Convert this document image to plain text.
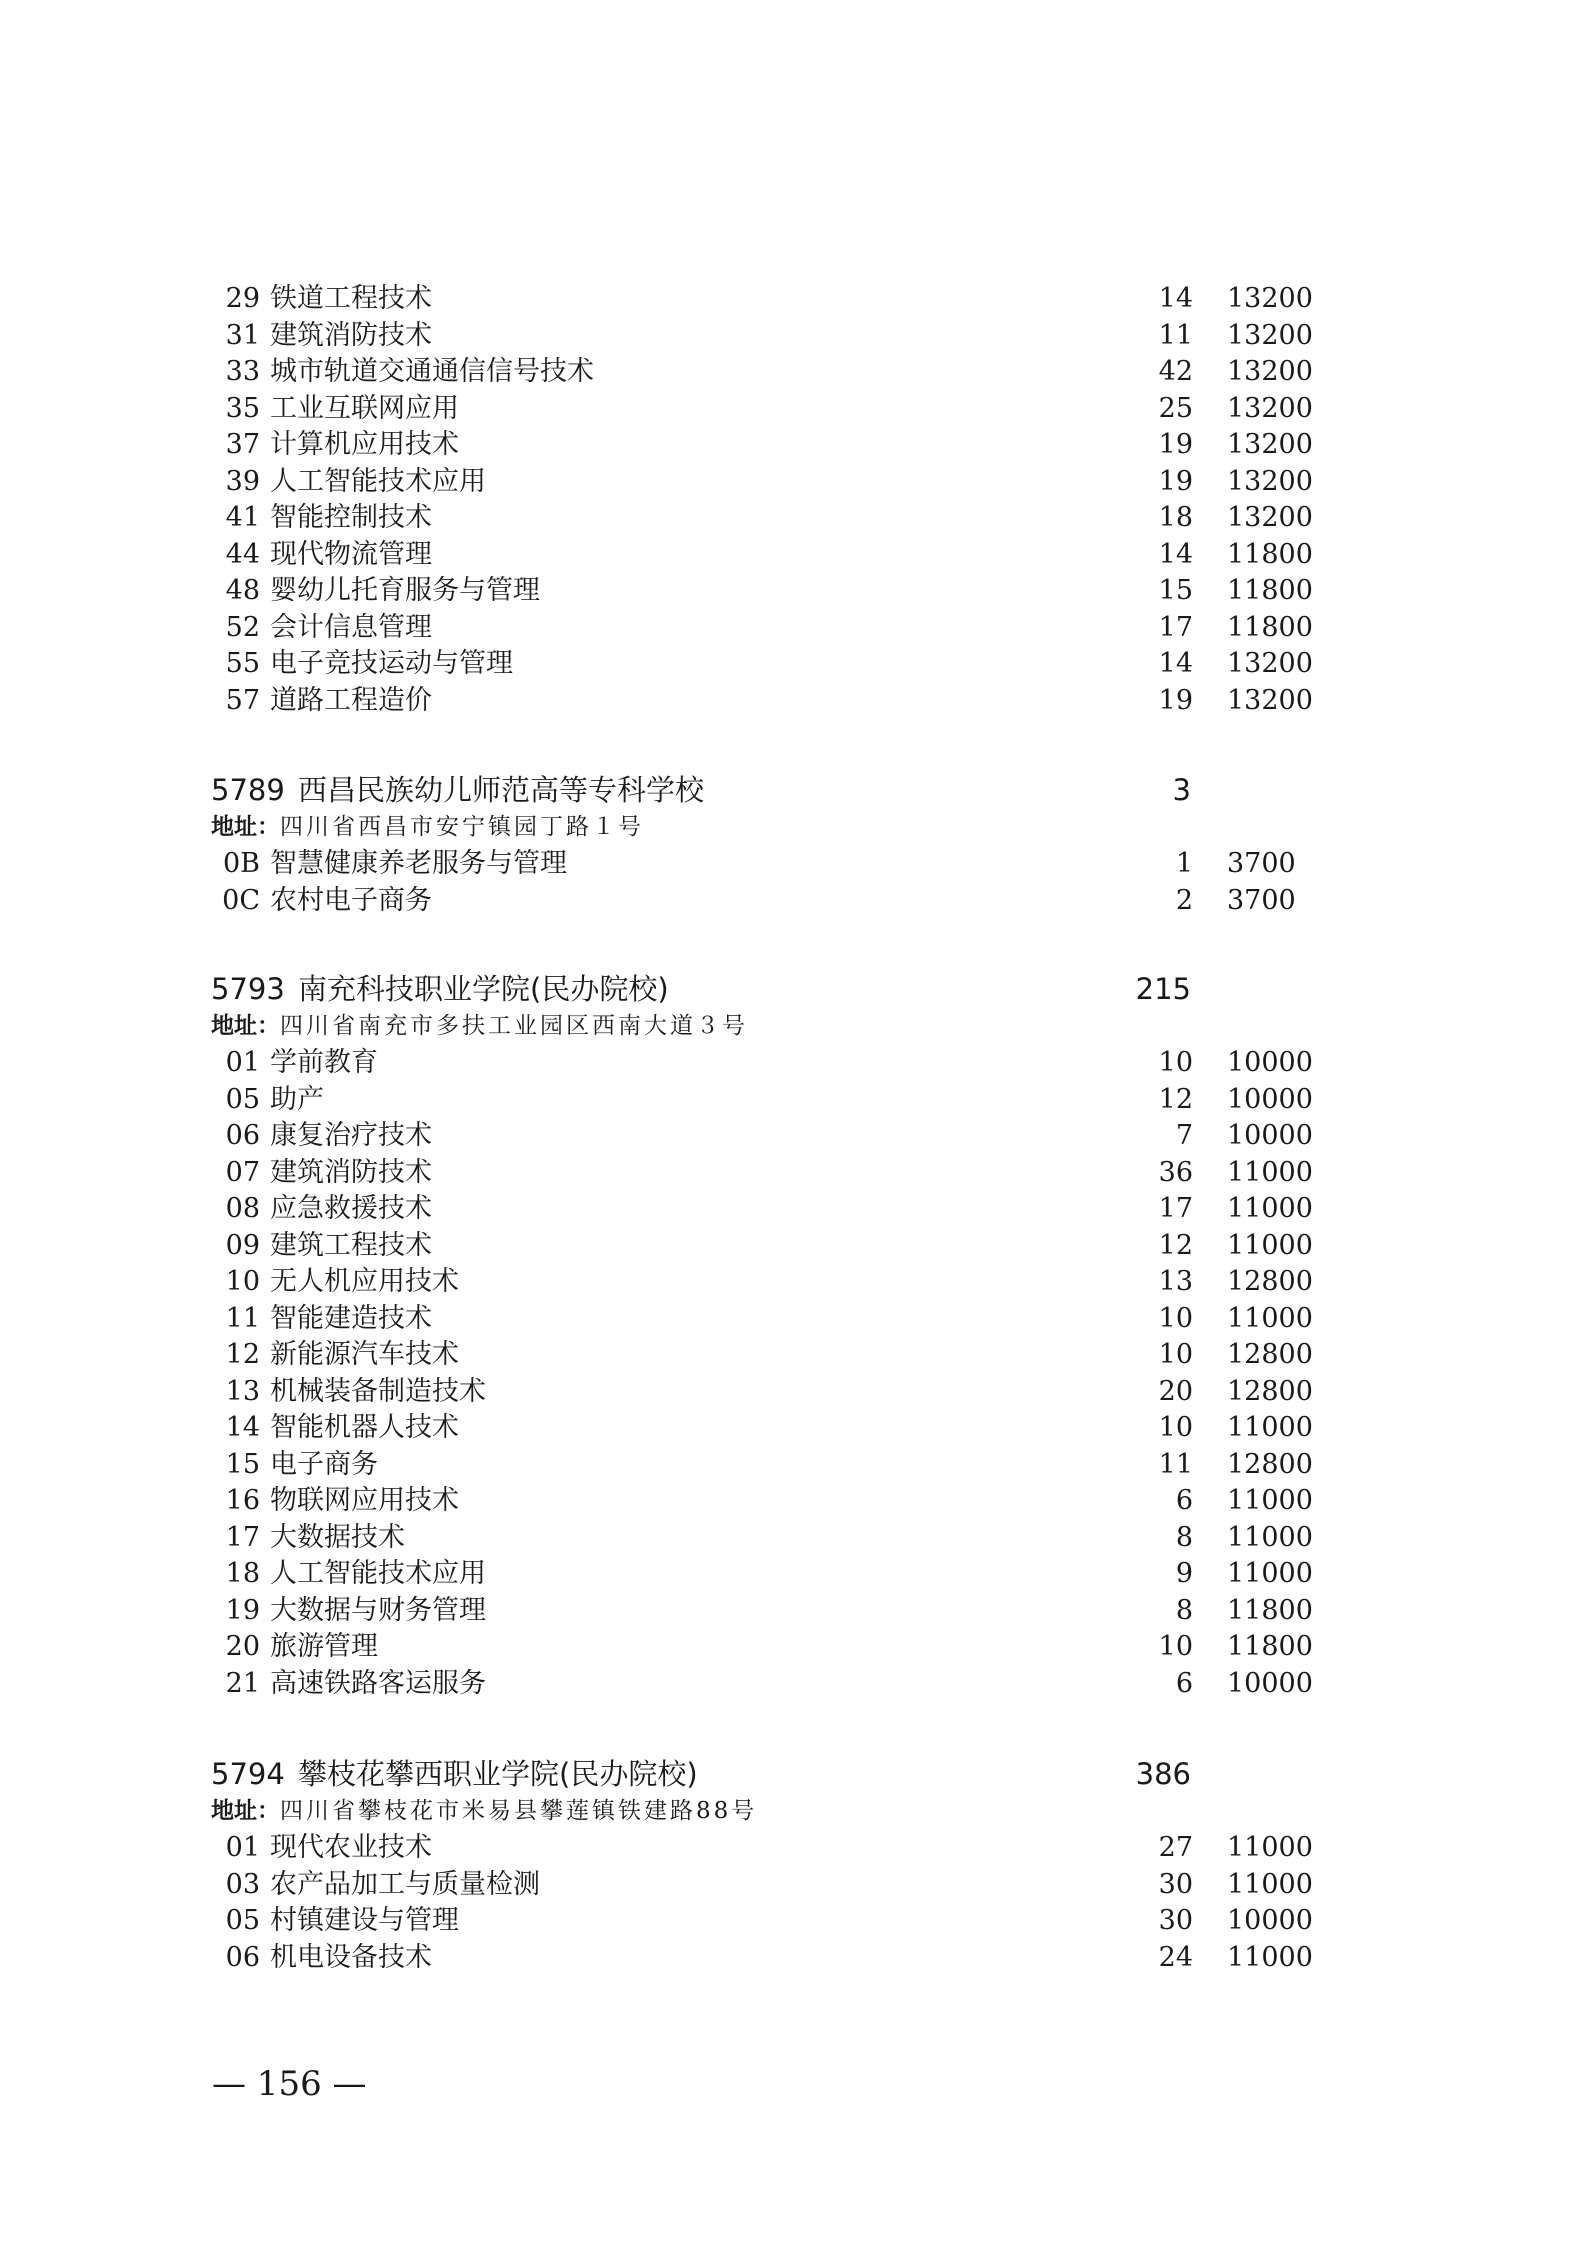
29 铁道工程技术	14 13200
31 建筑消防技术	11 13200
33 城市轨道交通通信信号技术	42 13200
35 工业互联网应用	25 13200
37 计算机应用技术	19 13200
39 人工智能技术应用	19 13200
41 智能控制技术	18 13200
44 现代物流管理	14 11800
48 婴幼儿托育服务与管理	15 11800
52 会计信息管理	17 11800
55 电子竞技运动与管理	14 13200
57 道路工程造价	19 13200
5789 西昌民族幼儿师范高等专科学校	3
地址：四川省西昌市安宁镇园丁路１号
0B 智慧健康养老服务与管理	1 3700
0C 农村电子商务	2 3700
5793 南充科技职业学院(民办院校)	215
地址：四川省南充市多扶工业园区西南大道３号
01 学前教育	10 10000
05 助产	12 10000
06 康复治疗技术	7 10000
07 建筑消防技术	36 11000
08 应急救援技术	17 11000
09 建筑工程技术	12 11000
10 无人机应用技术	13 12800
11 智能建造技术	10 11000
12 新能源汽车技术	10 12800
13 机械装备制造技术	20 12800
14 智能机器人技术	10 11000
15 电子商务	11 12800
16 物联网应用技术	6 11000
17 大数据技术	8 11000
18 人工智能技术应用	9 11000
19 大数据与财务管理	8 11800
20 旅游管理	10 11800
21 高速铁路客运服务	6 10000
5794 攀枝花攀西职业学院(民办院校)	386
地址：四川省攀枝花市米易县攀莲镇铁建路88号
01 现代农业技术	27 11000
03 农产品加工与质量检测	30 11000
05 村镇建设与管理	30 10000
06 机电设备技术	24 11000
— 156 —
